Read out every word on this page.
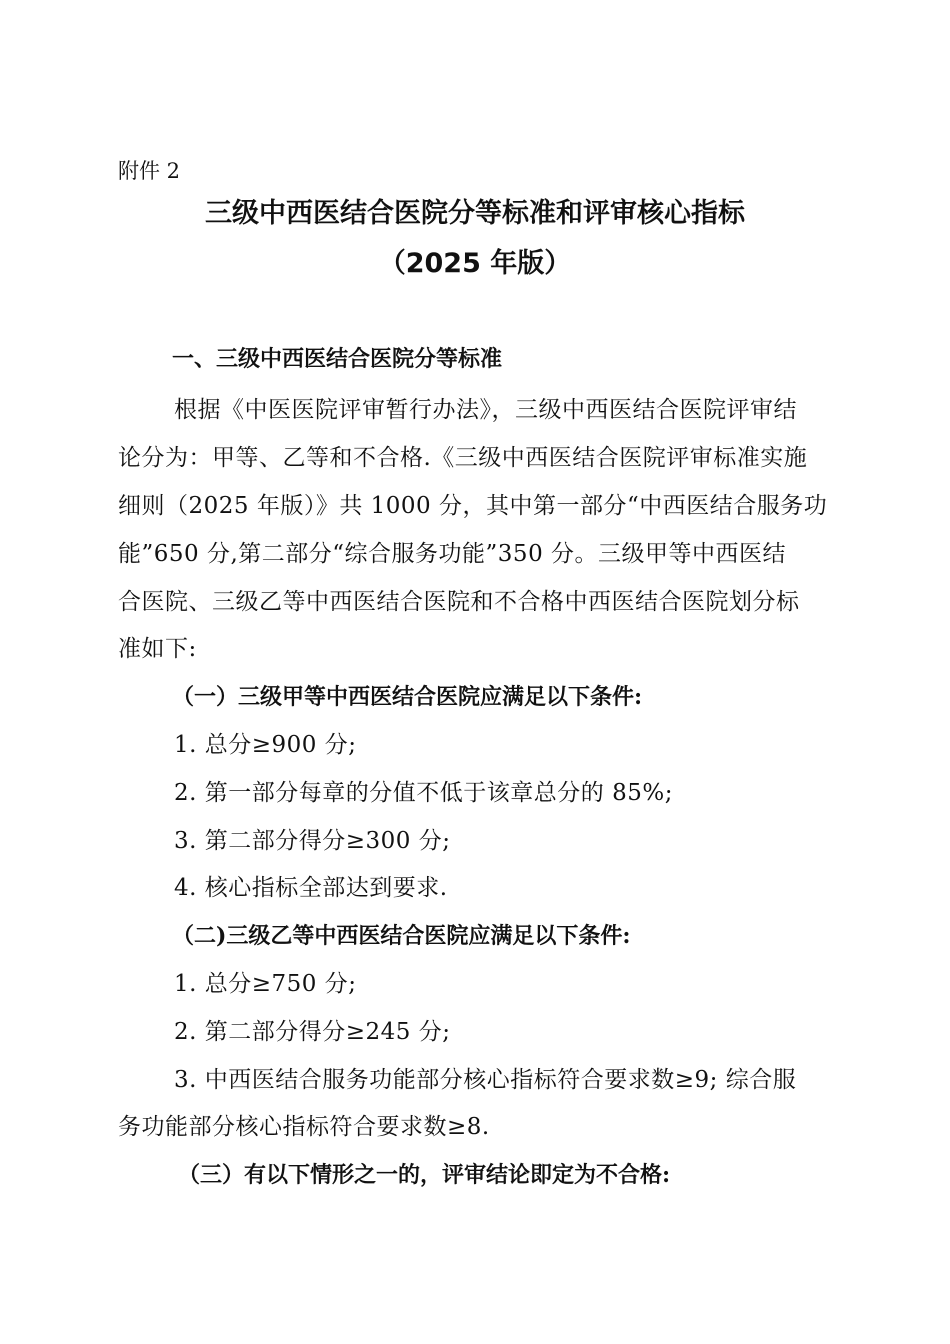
附件 2
三级中西医结合医院分等标准和评审核心指标
（2025 年版）
一、三级中西医结合医院分等标准
根据《中医医院评审暂行办法》，三级中西医结合医院评审结
论分为：甲等、乙等和不合格.《三级中西医结合医院评审标准实施
细则（2025 年版）》共 1000 分，其中第一部分“中西医结合服务功
能”650 分,第二部分“综合服务功能”350 分。三级甲等中西医结
合医院、三级乙等中西医结合医院和不合格中西医结合医院划分标
准如下:
（一）三级甲等中西医结合医院应满足以下条件:
1. 总分≥900 分;
2. 第一部分每章的分值不低于该章总分的 85%;
3. 第二部分得分≥300 分;
4. 核心指标全部达到要求.
（二)三级乙等中西医结合医院应满足以下条件:
1. 总分≥750 分;
2. 第二部分得分≥245 分;
3. 中西医结合服务功能部分核心指标符合要求数≥9; 综合服
务功能部分核心指标符合要求数≥8.
（三）有以下情形之一的，评审结论即定为不合格:
